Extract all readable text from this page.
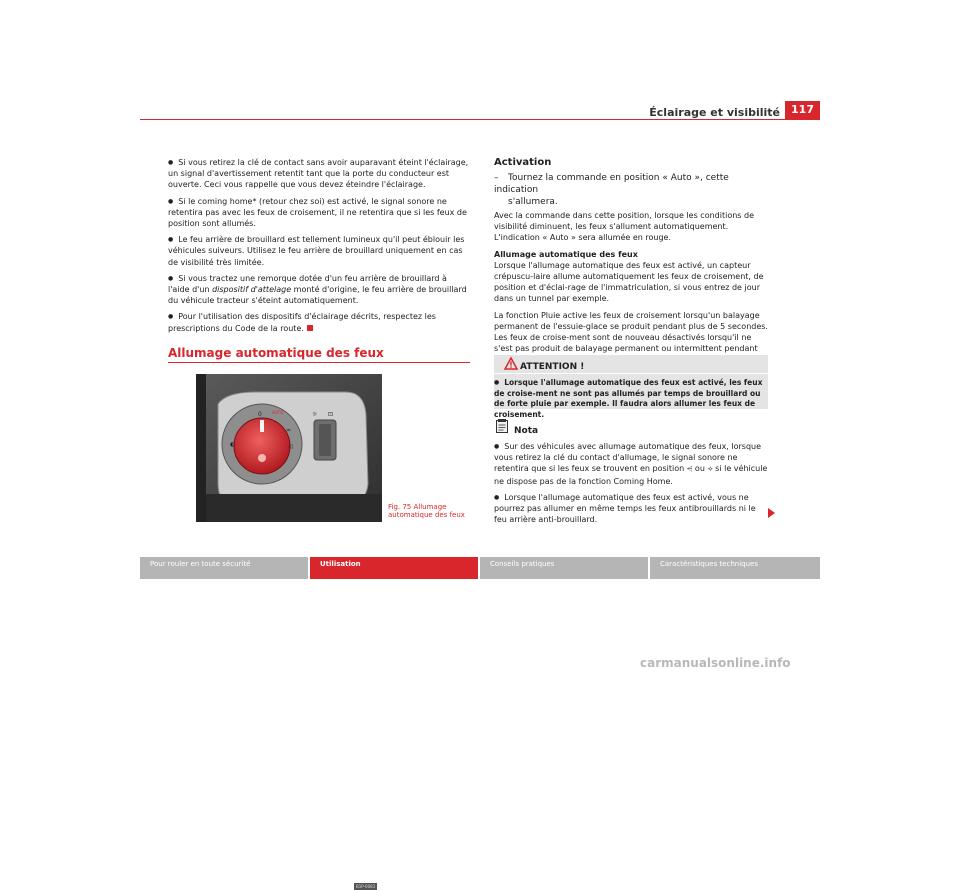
Éclairage et visibilité	117

● Si vous retirez la clé de contact sans avoir auparavant éteint l'éclairage, un signal d'avertissement retentit tant que la porte du conducteur est ouverte. Ceci vous rappelle que vous devez éteindre l'éclairage.

● Si le coming home* (retour chez soi) est activé, le signal sonore ne retentira pas avec les feux de croisement, il ne retentira que si les feux de position sont allumés.

● Le feu arrière de brouillard est tellement lumineux qu'il peut éblouir les véhicules suiveurs. Utilisez le feu arrière de brouillard uniquement en cas de visibilité très limitée.

● Si vous tractez une remorque dotée d'un feu arrière de brouillard à l'aide d'un dispositif d'attelage monté d'origine, le feu arrière de brouillard du véhicule tracteur s'éteint automatiquement.

● Pour l'utilisation des dispositifs d'éclairage décrits, respectez les prescriptions du Code de la route.

Allumage automatique des feux
0	AUTO
◐
≍
◁
☼ ⊡
B1P-0083
Fig. 75 Allumage automatique des feux
Activation
– Tournez la commande en position « Auto », cette indication
s'allumera.

Avec la commande dans cette position, lorsque les conditions de visibilité diminuent, les feux s'allument automatiquement. L'indication « Auto » sera allumée en rouge.

Allumage automatique des feux

Lorsque l'allumage automatique des feux est activé, un capteur crépuscu-laire allume automatiquement les feux de croisement, de position et d'éclai-rage de l'immatriculation, si vous entrez de jour dans un tunnel par exemple.

La fonction Pluie active les feux de croisement lorsqu'un balayage permanent de l'essuie-glace se produit pendant plus de 5 secondes. Les feux de croise-ment sont de nouveau désactivés lorsqu'il ne s'est pas produit de balayage permanent ou intermittent pendant

ATTENTION !
● Lorsque l'allumage automatique des feux est activé, les feux de croise-ment ne sont pas allumés par temps de brouillard ou de forte pluie par exemple. Il faudra alors allumer les feux de croisement.
Nota

● Sur des véhicules avec allumage automatique des feux, lorsque vous retirez la clé du contact d'allumage, le signal sonore ne retentira que si les feux se trouvent en position ⩤ ou ⟢ si le véhicule ne dispose pas de la fonction Coming Home.

● Lorsque l'allumage automatique des feux est activé, vous ne pourrez pas allumer en même temps les feux antibrouillards ni le feu arrière anti-brouillard.

Pour rouler en toute sécurité	Utilisation	Conseils pratiques	Caractéristiques techniques
carmanualsonline.info
